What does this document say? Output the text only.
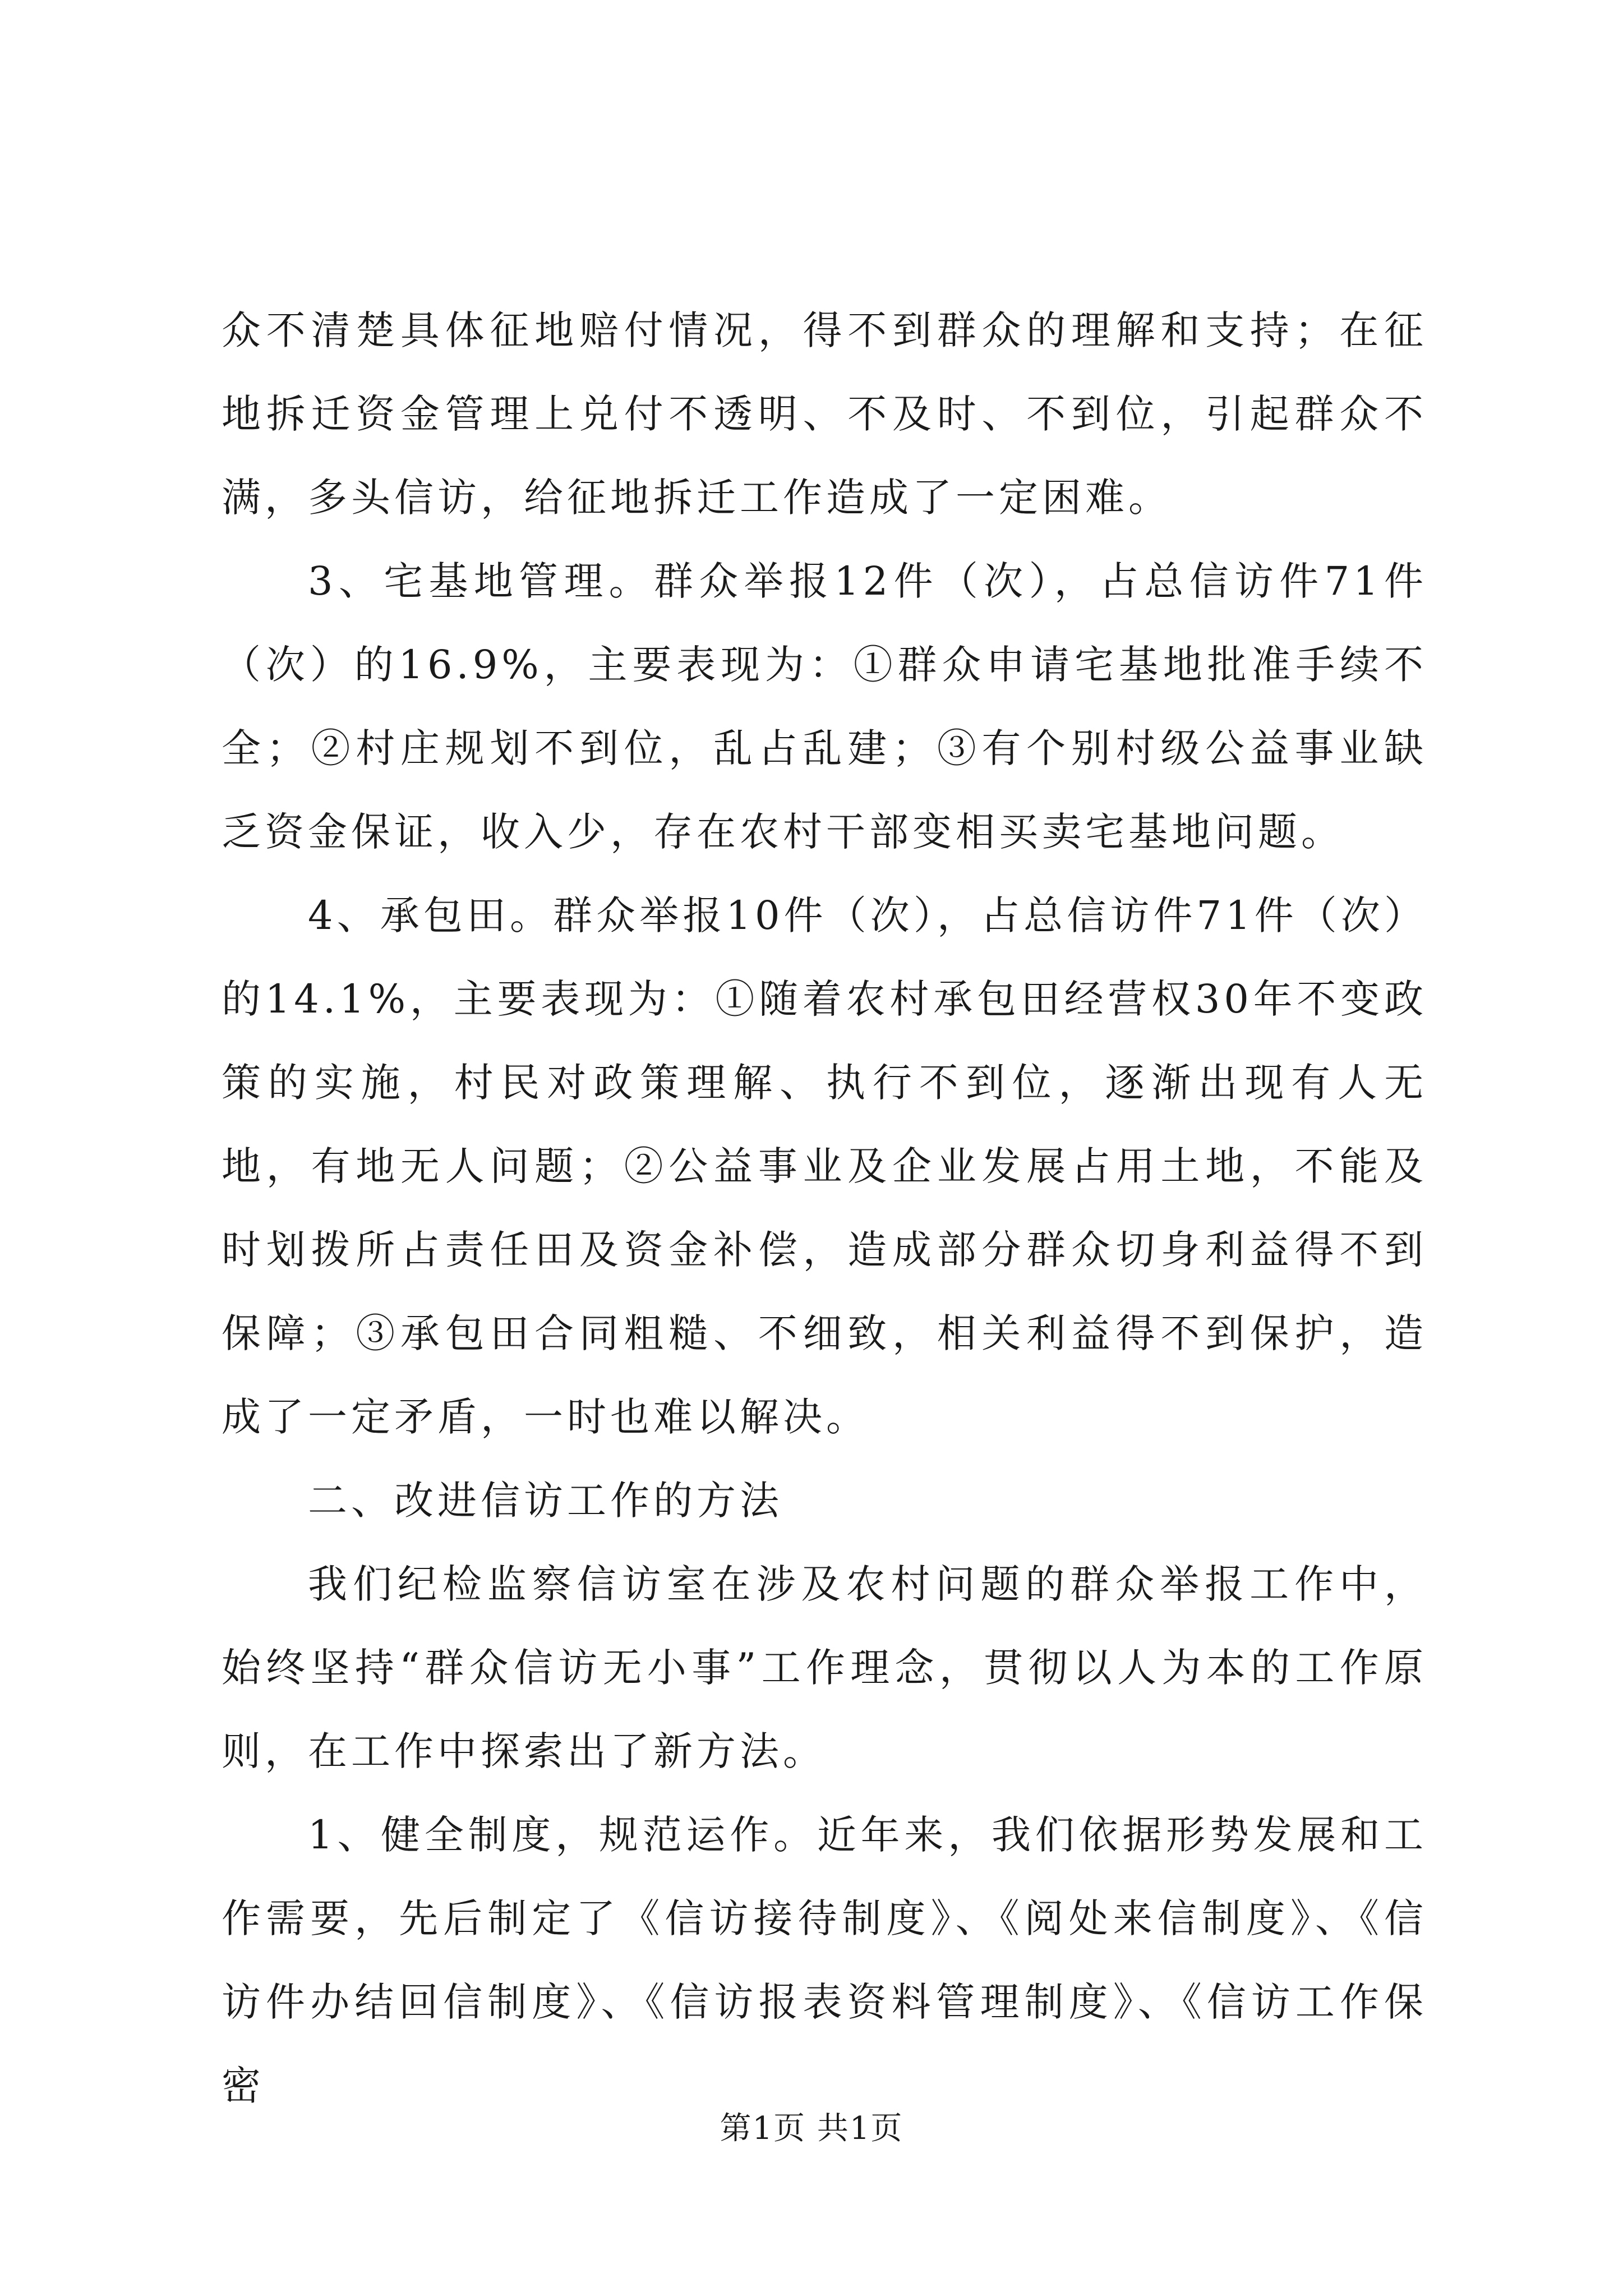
众不清楚具体征地赔付情况，得不到群众的理解和支持；在征地拆迁资金管理上兑付不透明、不及时、不到位，引起群众不满，多头信访，给征地拆迁工作造成了一定困难。

3、宅基地管理。群众举报12件（次），占总信访件71件（次）的16.9%，主要表现为：①群众申请宅基地批准手续不全；②村庄规划不到位，乱占乱建；③有个别村级公益事业缺乏资金保证，收入少，存在农村干部变相买卖宅基地问题。

4、承包田。群众举报10件（次），占总信访件71件（次）的14.1%，主要表现为：①随着农村承包田经营权30年不变政策的实施，村民对政策理解、执行不到位，逐渐出现有人无地，有地无人问题；②公益事业及企业发展占用土地，不能及时划拨所占责任田及资金补偿，造成部分群众切身利益得不到保障；③承包田合同粗糙、不细致，相关利益得不到保护，造成了一定矛盾，一时也难以解决。

二、改进信访工作的方法

我们纪检监察信访室在涉及农村问题的群众举报工作中，始终坚持“群众信访无小事”工作理念，贯彻以人为本的工作原则，在工作中探索出了新方法。

1、健全制度，规范运作。近年来，我们依据形势发展和工作需要，先后制定了《信访接待制度》、《阅处来信制度》、《信访件办结回信制度》、《信访报表资料管理制度》、《信访工作保密

第1页 共1页
